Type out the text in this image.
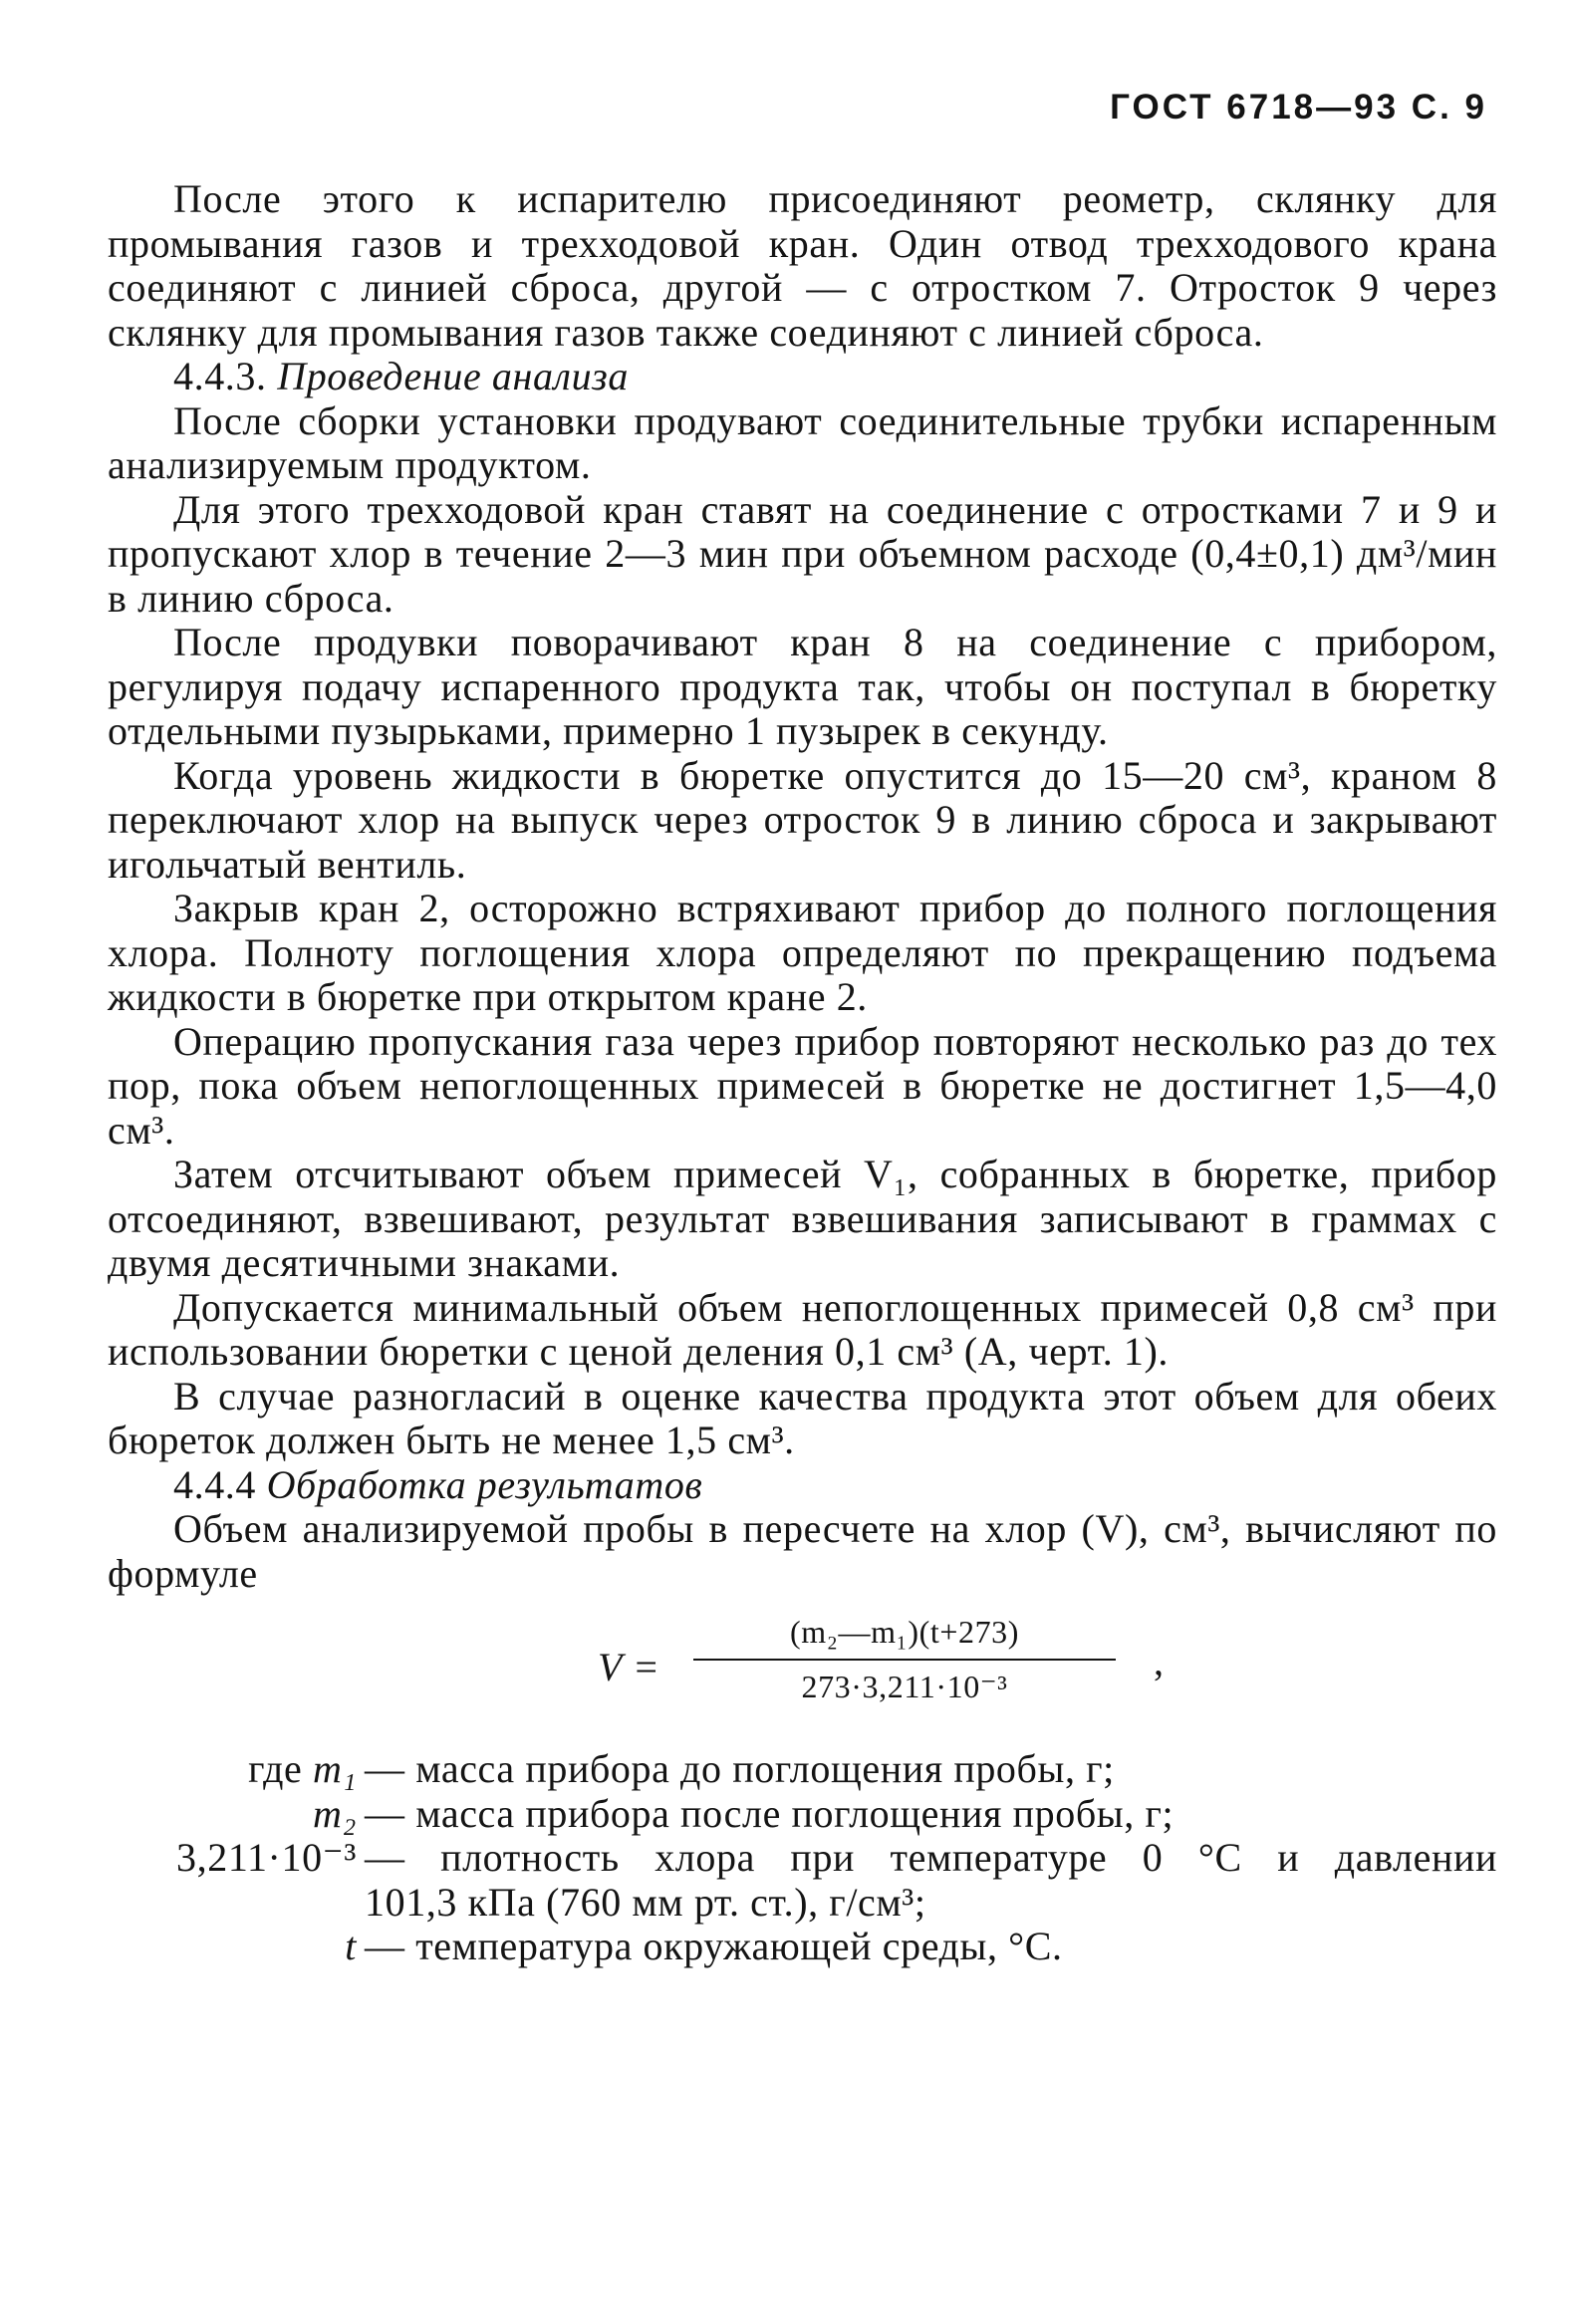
ГОСТ 6718—93 С. 9

После этого к испарителю присоединяют реометр, склянку для промывания газов и трехходовой кран. Один отвод трехходового крана соединяют с линией сброса, другой — с отростком 7. Отросток 9 через склянку для промывания газов также соединяют с линией сброса.

4.4.3. Проведение анализа

После сборки установки продувают соединительные трубки испаренным анализируемым продуктом.

Для этого трехходовой кран ставят на соединение с отростками 7 и 9 и пропускают хлор в течение 2—3 мин при объемном расходе (0,4±0,1) дм³/мин в линию сброса.

После продувки поворачивают кран 8 на соединение с прибором, регулируя подачу испаренного продукта так, чтобы он поступал в бюретку отдельными пузырьками, примерно 1 пузырек в секунду.

Когда уровень жидкости в бюретке опустится до 15—20 см³, краном 8 переключают хлор на выпуск через отросток 9 в линию сброса и закрывают игольчатый вентиль.

Закрыв кран 2, осторожно встряхивают прибор до полного поглощения хлора. Полноту поглощения хлора определяют по прекращению подъема жидкости в бюретке при открытом кране 2.

Операцию пропускания газа через прибор повторяют несколько раз до тех пор, пока объем непоглощенных примесей в бюретке не достигнет 1,5—4,0 см³.

Затем отсчитывают объем примесей V₁, собранных в бюретке, прибор отсоединяют, взвешивают, результат взвешивания записывают в граммах с двумя десятичными знаками.

Допускается минимальный объем непоглощенных примесей 0,8 см³ при использовании бюретки с ценой деления 0,1 см³ (А, черт. 1).

В случае разногласий в оценке качества продукта этот объем для обеих бюреток должен быть не менее 1,5 см³.

4.4.4 Обработка результатов

Объем анализируемой пробы в пересчете на хлор (V), см³, вычисляют по формуле

V =
(m₂—m₁)(t+273)
273·3,211·10⁻³
,
где m₁ — масса прибора до поглощения пробы, г;
m₂ — масса прибора после поглощения пробы, г;
3,211·10⁻³ — плотность хлора при температуре 0 °С и давлении
101,3 кПа (760 мм рт. ст.), г/см³;
t — температура окружающей среды, °С.
